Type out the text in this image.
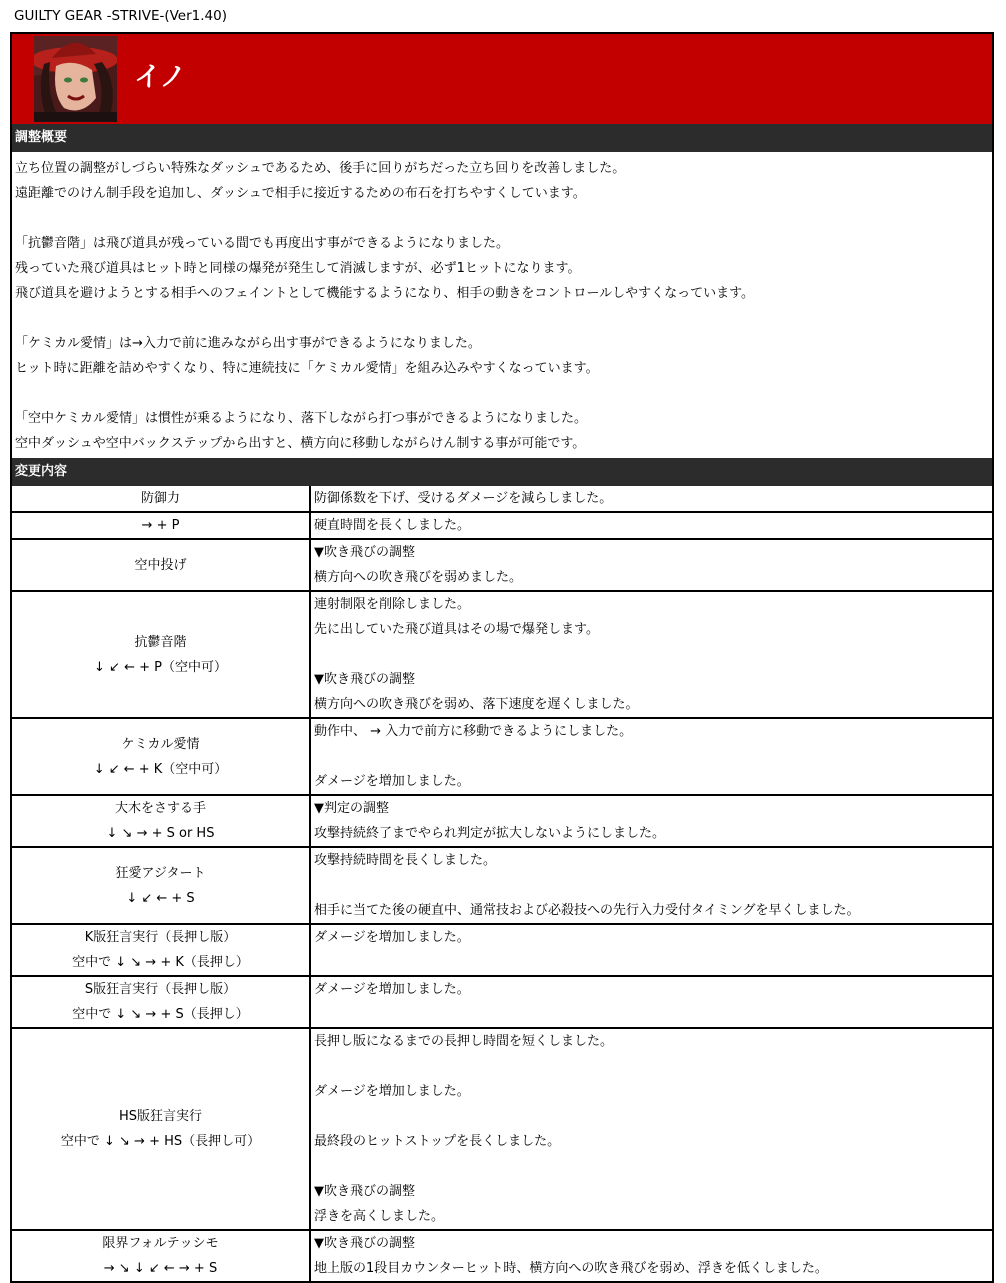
GUILTY GEAR -STRIVE-(Ver1.40)
イノ
調整概要

立ち位置の調整がしづらい特殊なダッシュであるため、後手に回りがちだった立ち回りを改善しました。

遠距離でのけん制手段を追加し、ダッシュで相手に接近するための布石を打ちやすくしています。

「抗鬱音階」は飛び道具が残っている間でも再度出す事ができるようになりました。

残っていた飛び道具はヒット時と同様の爆発が発生して消滅しますが、必ず1ヒットになります。

飛び道具を避けようとする相手へのフェイントとして機能するようになり、相手の動きをコントロールしやすくなっています。

「ケミカル愛情」は→入力で前に進みながら出す事ができるようになりました。

ヒット時に距離を詰めやすくなり、特に連続技に「ケミカル愛情」を組み込みやすくなっています。

「空中ケミカル愛情」は慣性が乗るようになり、落下しながら打つ事ができるようになりました。

空中ダッシュや空中バックステップから出すと、横方向に移動しながらけん制する事が可能です。

変更内容
防御力	防御係数を下げ、受けるダメージを減らしました。

→ + P	硬直時間を長くしました。

空中投げ	▼吹き飛びの調整
横方向への吹き飛びを弱めました。

抗鬱音階
↓ ↙ ← + P（空中可）	連射制限を削除しました。
先に出していた飛び道具はその場で爆発します。
▼吹き飛びの調整
横方向への吹き飛びを弱め、落下速度を遅くしました。

ケミカル愛情
↓ ↙ ← + K（空中可）	動作中、 → 入力で前方に移動できるようにしました。
ダメージを増加しました。

大木をさする手
↓ ↘ → + S or HS	▼判定の調整
攻撃持続終了までやられ判定が拡大しないようにしました。

狂愛アジタート
↓ ↙ ← + S	攻撃持続時間を長くしました。
相手に当てた後の硬直中、通常技および必殺技への先行入力受付タイミングを早くしました。

K版狂言実行（長押し版）
空中で ↓ ↘ → + K（長押し）	ダメージを増加しました。

S版狂言実行（長押し版）
空中で ↓ ↘ → + S（長押し）	ダメージを増加しました。

HS版狂言実行
空中で ↓ ↘ → + HS（長押し可）	長押し版になるまでの長押し時間を短くしました。
ダメージを増加しました。
最終段のヒットストップを長くしました。
▼吹き飛びの調整
浮きを高くしました。

限界フォルテッシモ
→ ↘ ↓ ↙ ← → + S	▼吹き飛びの調整
地上版の1段目カウンターヒット時、横方向への吹き飛びを弱め、浮きを低くしました。
